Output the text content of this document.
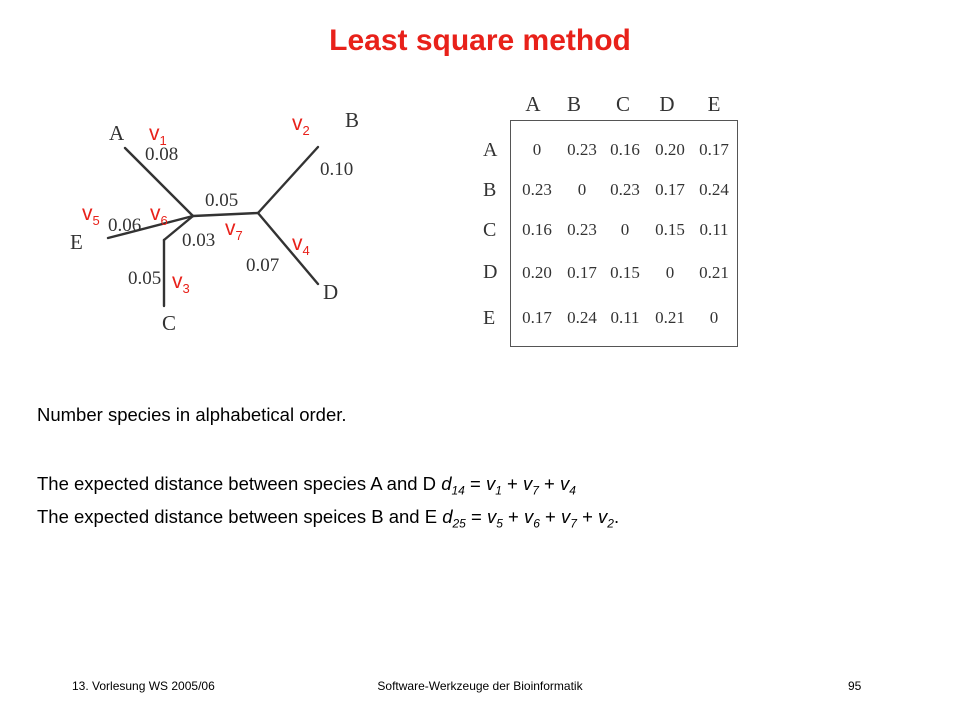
Least square method
A
B
C
D
E
0.08
0.10
0.05
0.03
0.06
0.05
0.07
$v_1$
$v_2$
$v_3$
$v_4$
$v_5$ $v_6$	$v_7$
A	B	C	D	E
A	0	0.23 0.16 0.20 0.17
B	0.23	0	0.23 0.17 0.24
C	0.16 0.23	0	0.15 0.11
D	0.20 0.17 0.15	0	0.21
E	0.17 0.24 0.11 0.21	0
Number species in alphabetical order.
The expected distance between species A and D $d_{14} = v_1 + v_7 + v_4$
The expected distance between speices B and E $d_{25} = v_5 + v_6 + v_7 + v_2$.
13. Vorlesung WS 2005/06	Software-Werkzeuge der Bioinformatik	95
